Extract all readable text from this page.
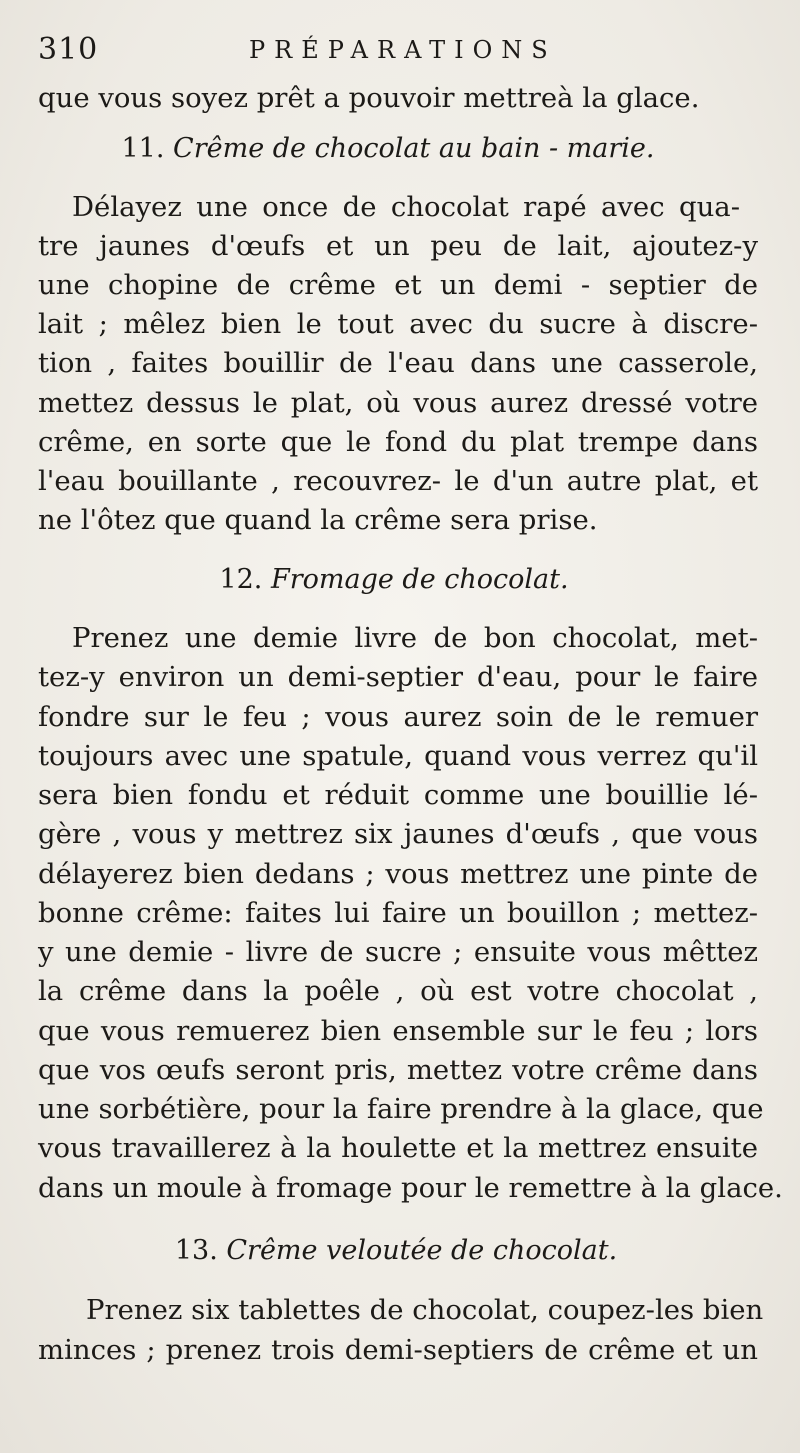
310	PRÉPARATIONS
que vous soyez prêt a pouvoir mettreà la glace.
11. Crême de chocolat au bain - marie.
Délayez une once de chocolat rapé avec qua-
tre jaunes d'œufs et un peu de lait, ajoutez-y
une chopine de crême et un demi - septier de
lait ; mêlez bien le tout avec du sucre à discre-
tion , faites bouillir de l'eau dans une casserole,
mettez dessus le plat, où vous aurez dressé votre
crême, en sorte que le fond du plat trempe dans
l'eau bouillante , recouvrez- le d'un autre plat, et
ne l'ôtez que quand la crême sera prise.
12. Fromage de chocolat.
Prenez une demie livre de bon chocolat, met-
tez-y environ un demi-septier d'eau, pour le faire
fondre sur le feu ; vous aurez soin de le remuer
toujours avec une spatule, quand vous verrez qu'il
sera bien fondu et réduit comme une bouillie lé-
gère , vous y mettrez six jaunes d'œufs , que vous
délayerez bien dedans ; vous mettrez une pinte de
bonne crême: faites lui faire un bouillon ; mettez-
y une demie - livre de sucre ; ensuite vous mêttez
la crême dans la poêle , où est votre chocolat ,
que vous remuerez bien ensemble sur le feu ; lors
que vos œufs seront pris, mettez votre crême dans
une sorbétière, pour la faire prendre à la glace, que
vous travaillerez à la houlette et la mettrez ensuite
dans un moule à fromage pour le remettre à la glace.
13. Crême veloutée de chocolat.
Prenez six tablettes de chocolat, coupez-les bien
minces ; prenez trois demi-septiers de crême et un
